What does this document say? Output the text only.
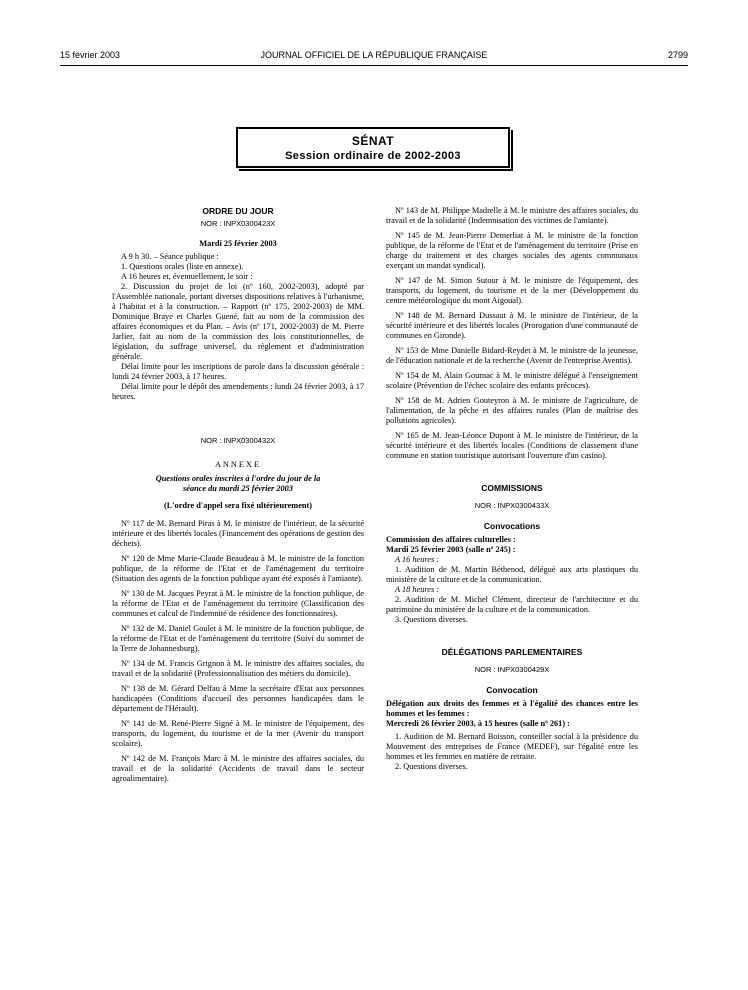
15 février 2003	JOURNAL OFFICIEL DE LA RÉPUBLIQUE FRANÇAISE	2799
SÉNAT
Session ordinaire de 2002-2003

ORDRE DU JOUR

NOR : INPX0300423X

Mardi 25 février 2003

A 9 h 30. – Séance publique :

1. Questions orales (liste en annexe).

A 16 heures et, éventuellement, le soir :

2. Discussion du projet de loi (nº 160, 2002-2003), adopté par l'Assemblée nationale, portant diverses dispositions relatives à l'urbanisme, à l'habitat et à la construction. – Rapport (nº 175, 2002-2003) de MM. Dominique Braye et Charles Guené, fait au nom de la commission des affaires économiques et du Plan. – Avis (nº 171, 2002-2003) de M. Pierre Jarlier, fait au nom de la commission des lois constitutionnelles, de législation, du suffrage universel, du règlement et d'administration générale.

Délai limite pour les inscriptions de parole dans la discussion générale : lundi 24 février 2003, à 17 heures.

Délai limite pour le dépôt des amendements : lundi 24 février 2003, à 17 heures.

NOR : INPX0300432X

ANNEXE

Questions orales inscrites à l'ordre du jour de la séance du mardi 25 février 2003

(L'ordre d'appel sera fixé ultérieurement)

Nº 117 de M. Bernard Piras à M. le ministre de l'intérieur, de la sécurité intérieure et des libertés locales (Financement des opérations de gestion des déchets).

Nº 120 de Mme Marie-Claude Beaudeau à M. le ministre de la fonction publique, de la réforme de l'Etat et de l'aménagement du territoire (Situation des agents de la fonction publique ayant été exposés à l'amiante).

Nº 130 de M. Jacques Peyrat à M. le ministre de la fonction publique, de la réforme de l'Etat et de l'aménagement du territoire (Classification des communes et calcul de l'indemnité de résidence des fonctionnaires).

Nº 132 de M. Daniel Goulet à M. le ministre de la fonction publique, de la réforme de l'Etat et de l'aménagement du territoire (Suivi du sommet de la Terre de Johannesburg).

Nº 134 de M. Francis Grignon à M. le ministre des affaires sociales, du travail et de la solidarité (Professionnalisation des métiers du domicile).

Nº 138 de M. Gérard Delfau à Mme la secrétaire d'Etat aux personnes handicapées (Conditions d'accueil des personnes handicapées dans le département de l'Hérault).

Nº 141 de M. René-Pierre Signé à M. le ministre de l'équipement, des transports, du logement, du tourisme et de la mer (Avenir du transport scolaire).

Nº 142 de M. François Marc à M. le ministre des affaires sociales, du travail et de la solidarité (Accidents de travail dans le secteur agroalimentaire).

Nº 143 de M. Philippe Madrelle à M. le ministre des affaires sociales, du travail et de la solidarité (Indemnisation des victimes de l'amiante).

Nº 145 de M. Jean-Pierre Demerliat à M. le ministre de la fonction publique, de la réforme de l'Etat et de l'aménagement du territoire (Prise en charge du traitement et des charges sociales des agents communaux exerçant un mandat syndical).

Nº 147 de M. Simon Sutour à M. le ministre de l'équipement, des transports, du logement, du tourisme et de la mer (Développement du centre météorologique du mont Aigoual).

Nº 148 de M. Bernard Dussaut à M. le ministre de l'intérieur, de la sécurité intérieure et des libertés locales (Prorogation d'une communauté de communes en Gironde).

Nº 153 de Mme Danielle Bidard-Reydet à M. le ministre de la jeunesse, de l'éducation nationale et de la recherche (Avenir de l'entreprise Aventis).

Nº 154 de M. Alain Gournac à M. le ministre délégué à l'enseignement scolaire (Prévention de l'échec scolaire des enfants précoces).

Nº 158 de M. Adrien Gouteyron à M. le ministre de l'agriculture, de l'alimentation, de la pêche et des affaires rurales (Plan de maîtrise des pollutions agricoles).

Nº 165 de M. Jean-Léonce Dupont à M. le ministre de l'intérieur, de la sécurité intérieure et des libertés locales (Conditions de classement d'une commune en station touristique autorisant l'ouverture d'un casino).

COMMISSIONS

NOR : INPX0300433X

Convocations

Commission des affaires culturelles :

Mardi 25 février 2003 (salle nº 245) :

A 16 heures :

1. Audition de M. Martin Béthenod, délégué aux arts plastiques du ministère de la culture et de la communication.

A 18 heures :

2. Audition de M. Michel Clément, directeur de l'architecture et du patrimoine du ministère de la culture et de la communication.

3. Questions diverses.

DÉLÉGATIONS PARLEMENTAIRES

NOR : INPX0300429X

Convocation

Délégation aux droits des femmes et à l'égalité des chances entre les hommes et les femmes :

Mercredi 26 février 2003, à 15 heures (salle nº 261) :

1. Audition de M. Bernard Boisson, conseiller social à la présidence du Mouvement des entreprises de France (MEDEF), sur l'égalité entre les hommes et les femmes en matière de retraite.

2. Questions diverses.
